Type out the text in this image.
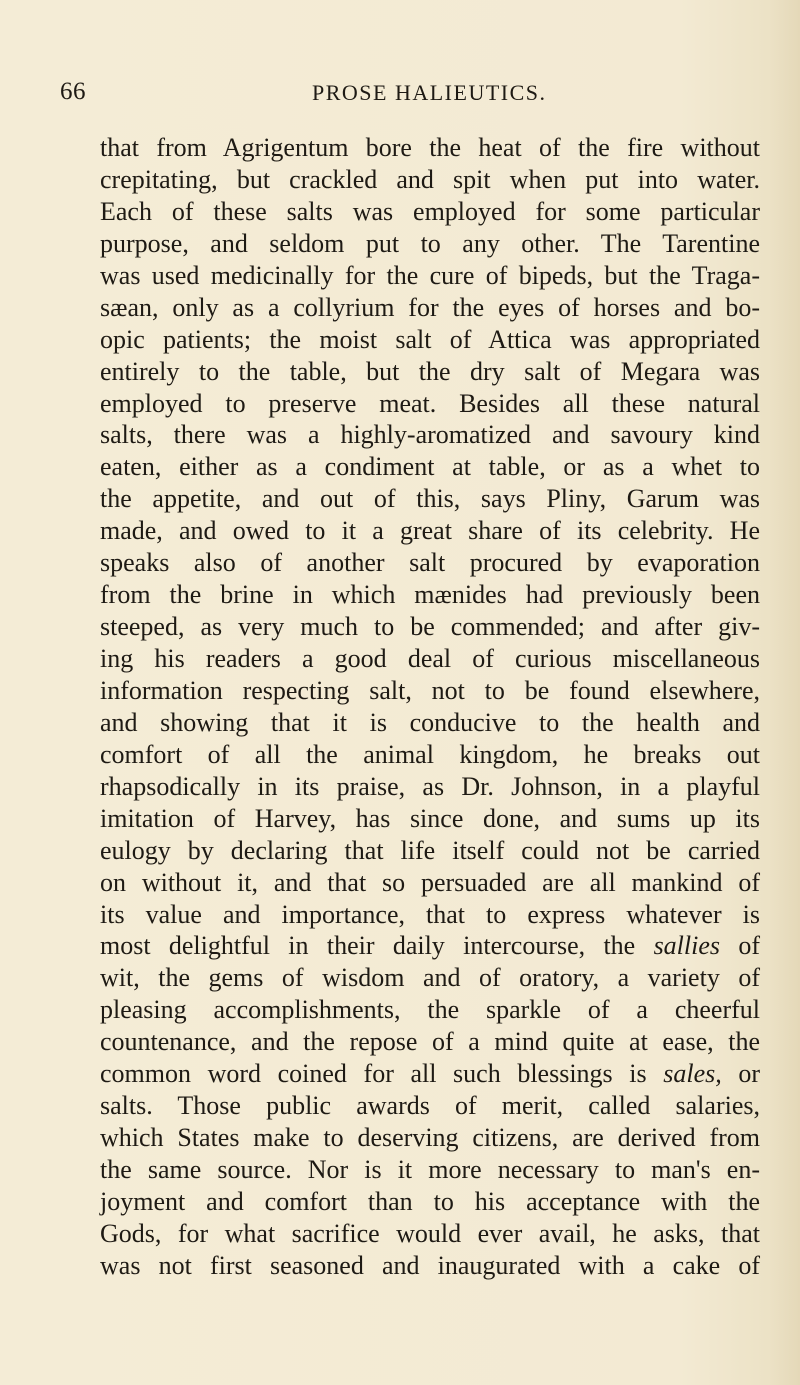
66	PROSE HALIEUTICS.
that from Agrigentum bore the heat of the fire without
crepitating, but crackled and spit when put into water.
Each of these salts was employed for some particular
purpose, and seldom put to any other. The Tarentine
was used medicinally for the cure of bipeds, but the Traga-
sæan, only as a collyrium for the eyes of horses and bo-
opic patients; the moist salt of Attica was appropriated
entirely to the table, but the dry salt of Megara was
employed to preserve meat. Besides all these natural
salts, there was a highly-aromatized and savoury kind
eaten, either as a condiment at table, or as a whet to
the appetite, and out of this, says Pliny, Garum was
made, and owed to it a great share of its celebrity. He
speaks also of another salt procured by evaporation
from the brine in which mænides had previously been
steeped, as very much to be commended; and after giv-
ing his readers a good deal of curious miscellaneous
information respecting salt, not to be found elsewhere,
and showing that it is conducive to the health and
comfort of all the animal kingdom, he breaks out
rhapsodically in its praise, as Dr. Johnson, in a playful
imitation of Harvey, has since done, and sums up its
eulogy by declaring that life itself could not be carried
on without it, and that so persuaded are all mankind of
its value and importance, that to express whatever is
most delightful in their daily intercourse, the sallies of
wit, the gems of wisdom and of oratory, a variety of
pleasing accomplishments, the sparkle of a cheerful
countenance, and the repose of a mind quite at ease, the
common word coined for all such blessings is sales, or
salts. Those public awards of merit, called salaries,
which States make to deserving citizens, are derived from
the same source. Nor is it more necessary to man's en-
joyment and comfort than to his acceptance with the
Gods, for what sacrifice would ever avail, he asks, that
was not first seasoned and inaugurated with a cake of
